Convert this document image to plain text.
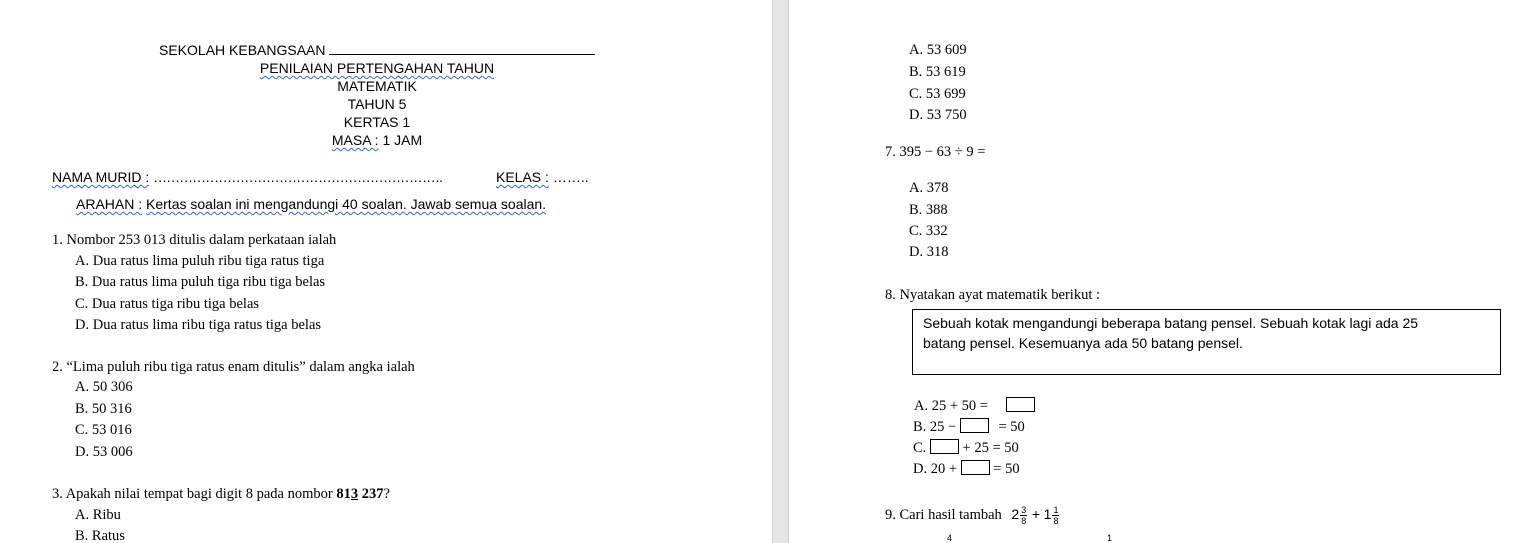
SEKOLAH KEBANGSAAN
PENILAIAN PERTENGAHAN TAHUN
MATEMATIK
TAHUN 5
KERTAS 1
MASA : 1 JAM
NAMA MURID : ………………………………………………………….	KELAS : ……..
ARAHAN : Kertas soalan ini mengandungi 40 soalan. Jawab semua soalan.
1. Nombor 253 013 ditulis dalam perkataan ialah
A. Dua ratus lima puluh ribu tiga ratus tiga
B. Dua ratus lima puluh tiga ribu tiga belas
C. Dua ratus tiga ribu tiga belas
D. Dua ratus lima ribu tiga ratus tiga belas
2. “Lima puluh ribu tiga ratus enam ditulis” dalam angka ialah
A. 50 306
B. 50 316
C. 53 016
D. 53 006
3. Apakah nilai tempat bagi digit 8 pada nombor 813 237?
A. Ribu
B. Ratus
A. 53 609
B. 53 619
C. 53 699
D. 53 750
7. 395 − 63 ÷ 9 =
A. 378
B. 388
C. 332
D. 318
8. Nyatakan ayat matematik berikut :
Sebuah kotak mengandungi beberapa batang pensel. Sebuah kotak lagi ada 25
batang pensel. Kesemuanya ada 50 batang pensel.
A. 25 + 50 =
B. 25 −	= 50
C.	+ 25 = 50
D. 20 +	= 50
9. Cari hasil tambah $2 \frac{3}{8} + 1 \frac{1}{8}$
4	1
